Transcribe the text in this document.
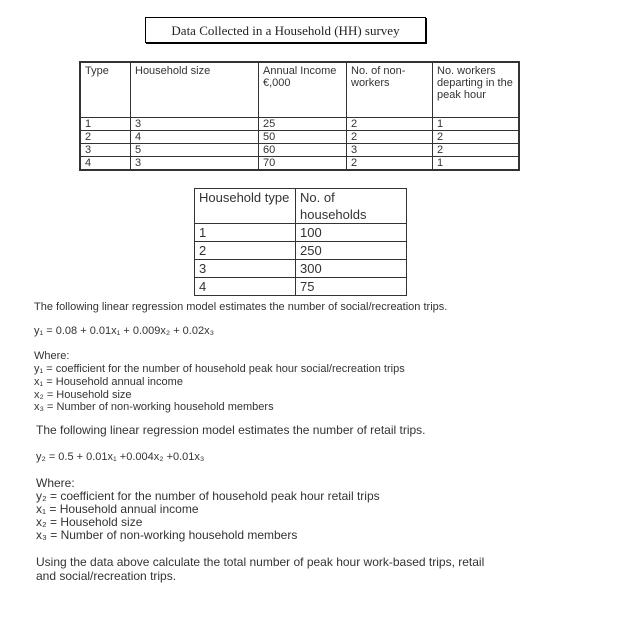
Data Collected in a Household (HH) survey
Type	Household size	Annual Income €,000	No. of non-workers	No. workers departing in the peak hour
1	3	25	2	1
2	4	50	2	2
3	5	60	3	2
4	3	70	2	1
Household type	No. of households
1	100
2	250
3	300
4	75
The following linear regression model estimates the number of social/recreation trips.
y₁ = 0.08 + 0.01x₁ + 0.009x₂ + 0.02x₃
Where:
y₁ = coefficient for the number of household peak hour social/recreation trips
x₁ = Household annual income
x₂ = Household size
x₃ = Number of non-working household members
The following linear regression model estimates the number of retail trips.
y₂ = 0.5 + 0.01x₁ +0.004x₂ +0.01x₃
Where:
y₂ = coefficient for the number of household peak hour retail trips
x₁ = Household annual income
x₂ = Household size
x₃ = Number of non-working household members
Using the data above calculate the total number of peak hour work-based trips, retail
and social/recreation trips.
